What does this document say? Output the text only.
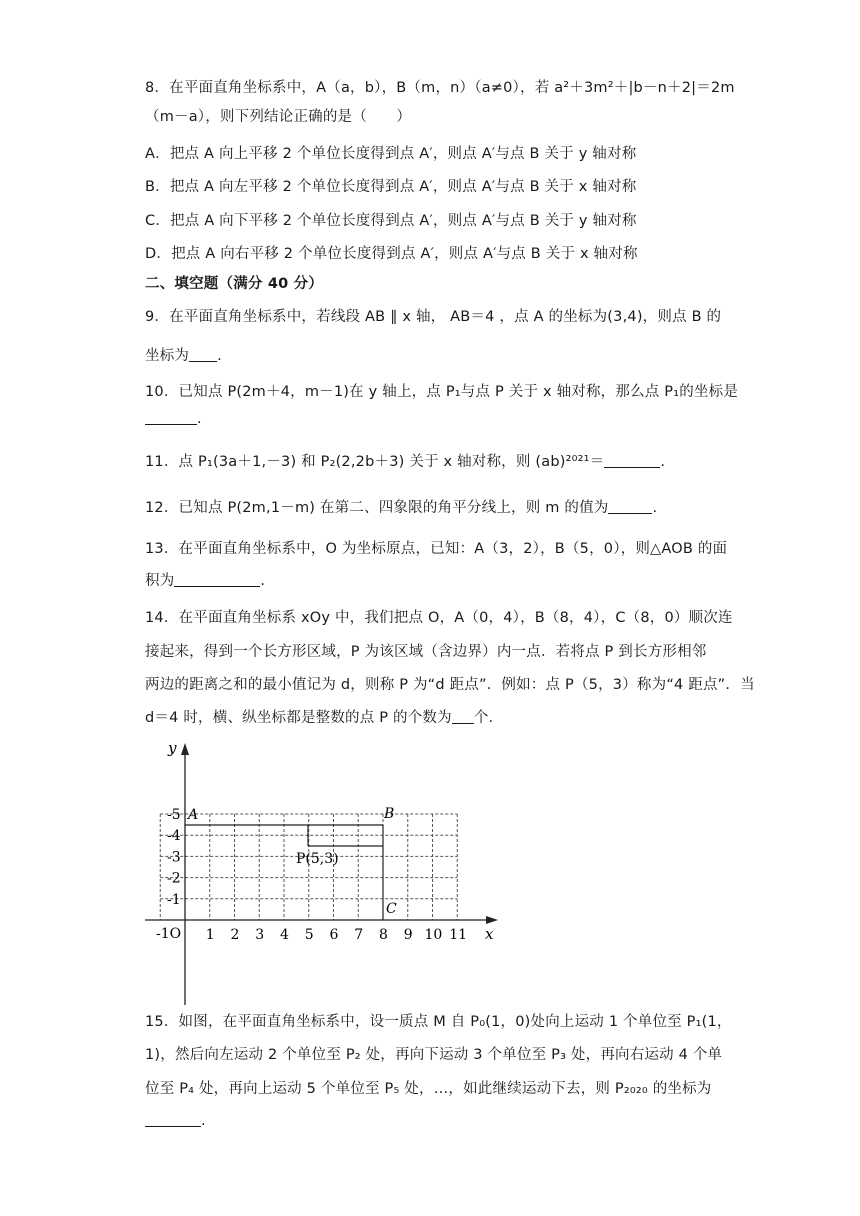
8．在平面直角坐标系中，A（a，b），B（m，n）（a≠0），若 a²＋3m²＋|b－n＋2|＝2m
（m－a），则下列结论正确的是（　　）
A．把点 A 向上平移 2 个单位长度得到点 A′，则点 A′与点 B 关于 y 轴对称
B．把点 A 向左平移 2 个单位长度得到点 A′，则点 A′与点 B 关于 x 轴对称
C．把点 A 向下平移 2 个单位长度得到点 A′，则点 A′与点 B 关于 y 轴对称
D．把点 A 向右平移 2 个单位长度得到点 A′，则点 A′与点 B 关于 x 轴对称
二、填空题（满分 40 分）
9．在平面直角坐标系中，若线段 AB ∥ x 轴， AB＝4 ，点 A 的坐标为(3,4)，则点 B 的
坐标为 .
10．已知点 P(2m＋4，m－1)在 y 轴上，点 P₁与点 P 关于 x 轴对称，那么点 P₁的坐标是
.
11．点 P₁(3a＋1,－3) 和 P₂(2,2b＋3) 关于 x 轴对称，则 (ab)²⁰²¹＝	.
12．已知点 P(2m,1－m) 在第二、四象限的角平分线上，则 m 的值为	.
13．在平面直角坐标系中，O 为坐标原点，已知：A（3，2），B（5，0），则△AOB 的面
积为	.
14．在平面直角坐标系 xOy 中，我们把点 O，A（0，4），B（8，4），C（8，0）顺次连
接起来，得到一个长方形区域，P 为该区域（含边界）内一点．若将点 P 到长方形相邻
两边的距离之和的最小值记为 d，则称 P 为“d 距点”．例如：点 P（5，3）称为“4 距点”．当
d＝4 时，横、纵坐标都是整数的点 P 的个数为 个．
y
x
-1O 1 2 3 4 5 6 7 8 9 10 11
-1
-2
-3
-4
-5 A	B
C
P(5,3)
15．如图，在平面直角坐标系中，设一质点 M 自 P₀(1，0)处向上运动 1 个单位至 P₁(1，
1)，然后向左运动 2 个单位至 P₂ 处，再向下运动 3 个单位至 P₃ 处，再向右运动 4 个单
位至 P₄ 处，再向上运动 5 个单位至 P₅ 处，…，如此继续运动下去，则 P₂₀₂₀ 的坐标为
.
